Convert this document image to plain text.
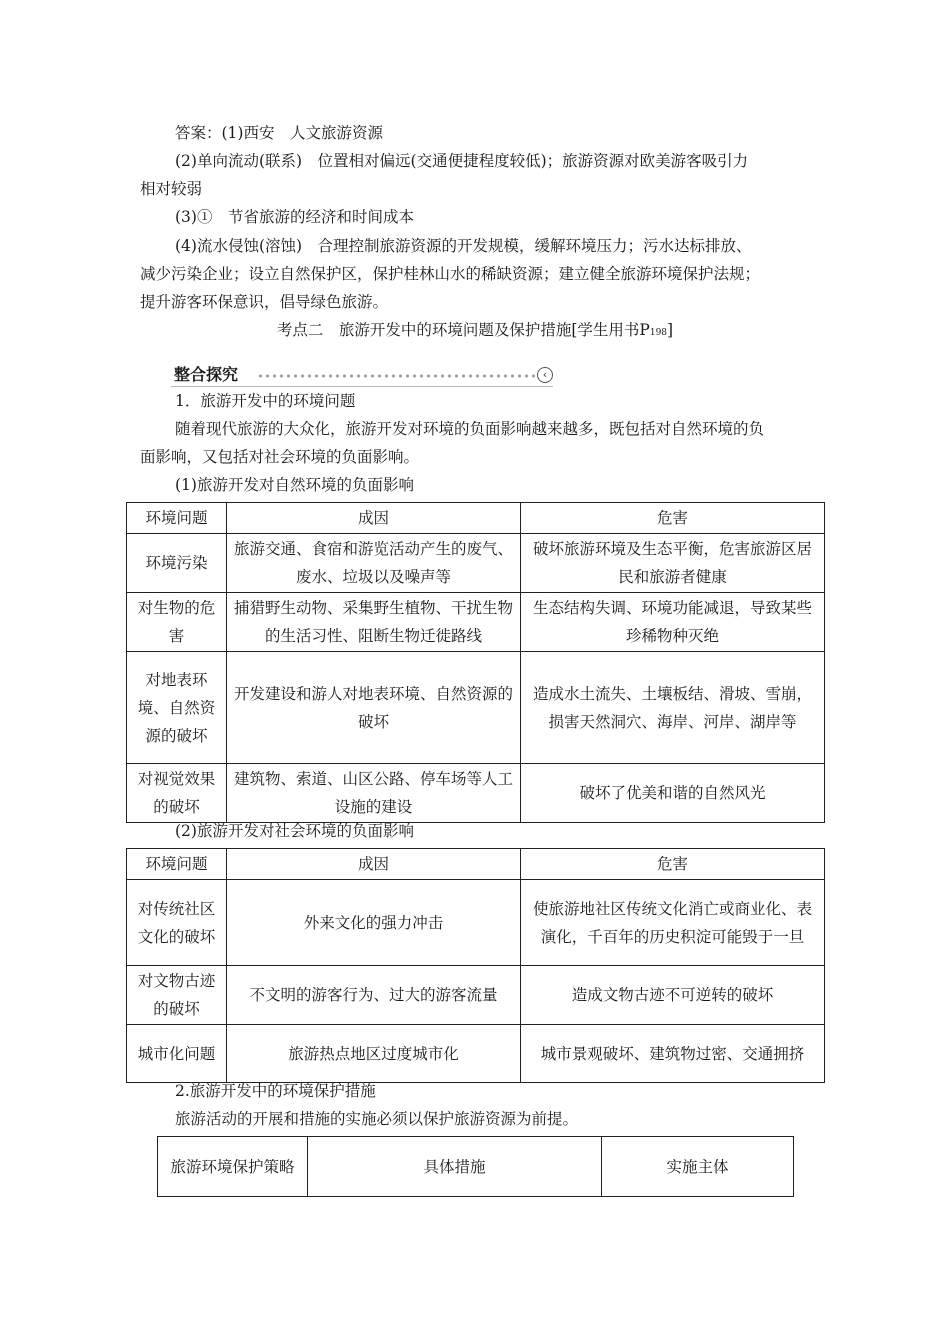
答案：(1)西安　人文旅游资源
(2)单向流动(联系)　位置相对偏远(交通便捷程度较低)；旅游资源对欧美游客吸引力
相对较弱
(3)①　节省旅游的经济和时间成本
(4)流水侵蚀(溶蚀)　合理控制旅游资源的开发规模，缓解环境压力；污水达标排放、
减少污染企业；设立自然保护区，保护桂林山水的稀缺资源；建立健全旅游环境保护法规；
提升游客环保意识，倡导绿色旅游。
考点二　旅游开发中的环境问题及保护措施[学生用书P198]
整合探究	‹
1．旅游开发中的环境问题
随着现代旅游的大众化，旅游开发对环境的负面影响越来越多，既包括对自然环境的负
面影响，又包括对社会环境的负面影响。
(1)旅游开发对自然环境的负面影响
环境问题	成因	危害
环境污染	旅游交通、食宿和游览活动产生的废气、废水、垃圾以及噪声等	破坏旅游环境及生态平衡，危害旅游区居民和旅游者健康
对生物的危害	捕猎野生动物、采集野生植物、干扰生物的生活习性、阻断生物迁徙路线	生态结构失调、环境功能减退，导致某些珍稀物种灭绝
对地表环境、自然资源的破坏	开发建设和游人对地表环境、自然资源的破坏	造成水土流失、土壤板结、滑坡、雪崩，损害天然洞穴、海岸、河岸、湖岸等
对视觉效果的破坏	建筑物、索道、山区公路、停车场等人工设施的建设	破坏了优美和谐的自然风光
(2)旅游开发对社会环境的负面影响
环境问题	成因	危害
对传统社区文化的破坏	外来文化的强力冲击	使旅游地社区传统文化消亡或商业化、表演化，千百年的历史积淀可能毁于一旦
对文物古迹的破坏	不文明的游客行为、过大的游客流量	造成文物古迹不可逆转的破坏
城市化问题	旅游热点地区过度城市化	城市景观破坏、建筑物过密、交通拥挤
2.旅游开发中的环境保护措施
旅游活动的开展和措施的实施必须以保护旅游资源为前提。
旅游环境保护策略	具体措施	实施主体
